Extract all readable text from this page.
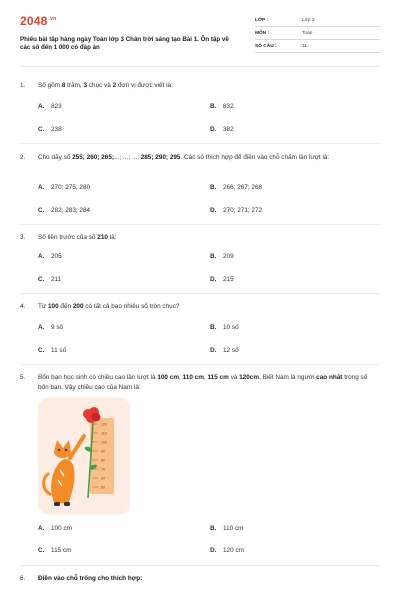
$2048^{.vn}$
Phiếu bài tập hàng ngày Toán lớp 3 Chân trời sáng tạo Bài 1. Ôn tập về các số đến 1 000 có đáp án
LỚP :	Lớp 3
MÔN :	Toán
SỐ CÂU :	11
1. Số gồm 8 trăm, 3 chục và 2 đơn vị được viết là:
A. 823	B. 832
C. 238	D. 382
2. Cho dãy số 255; 260; 265;...; ...; ...; 285; 290; 295. Các số thích hợp để điền vào chỗ chấm lần lượt là:
A. 270; 275; 280	B. 266; 267; 268
C. 282; 283; 284	D. 270; 271; 272
3. Số liền trước của số 210 là:
A. 205	B. 209
C. 211	D. 215
4. Từ 100 đến 200 có tất cả bao nhiêu số tròn chục?
A. 9 số	B. 10 số
C. 11 số	D. 12 số
5. Bốn bạn học sinh có chiều cao lần lượt là 100 cm, 110 cm, 115 cm và 120cm. Biết Nam là người cao nhất trong số bốn bạn. Vậy chiều cao của Nam là:
120
110
100
90
80
70
60
50
A. 100 cm	B. 110 cm
C. 115 cm	D. 120 cm
6. Điền vào chỗ trống cho thích hợp:
